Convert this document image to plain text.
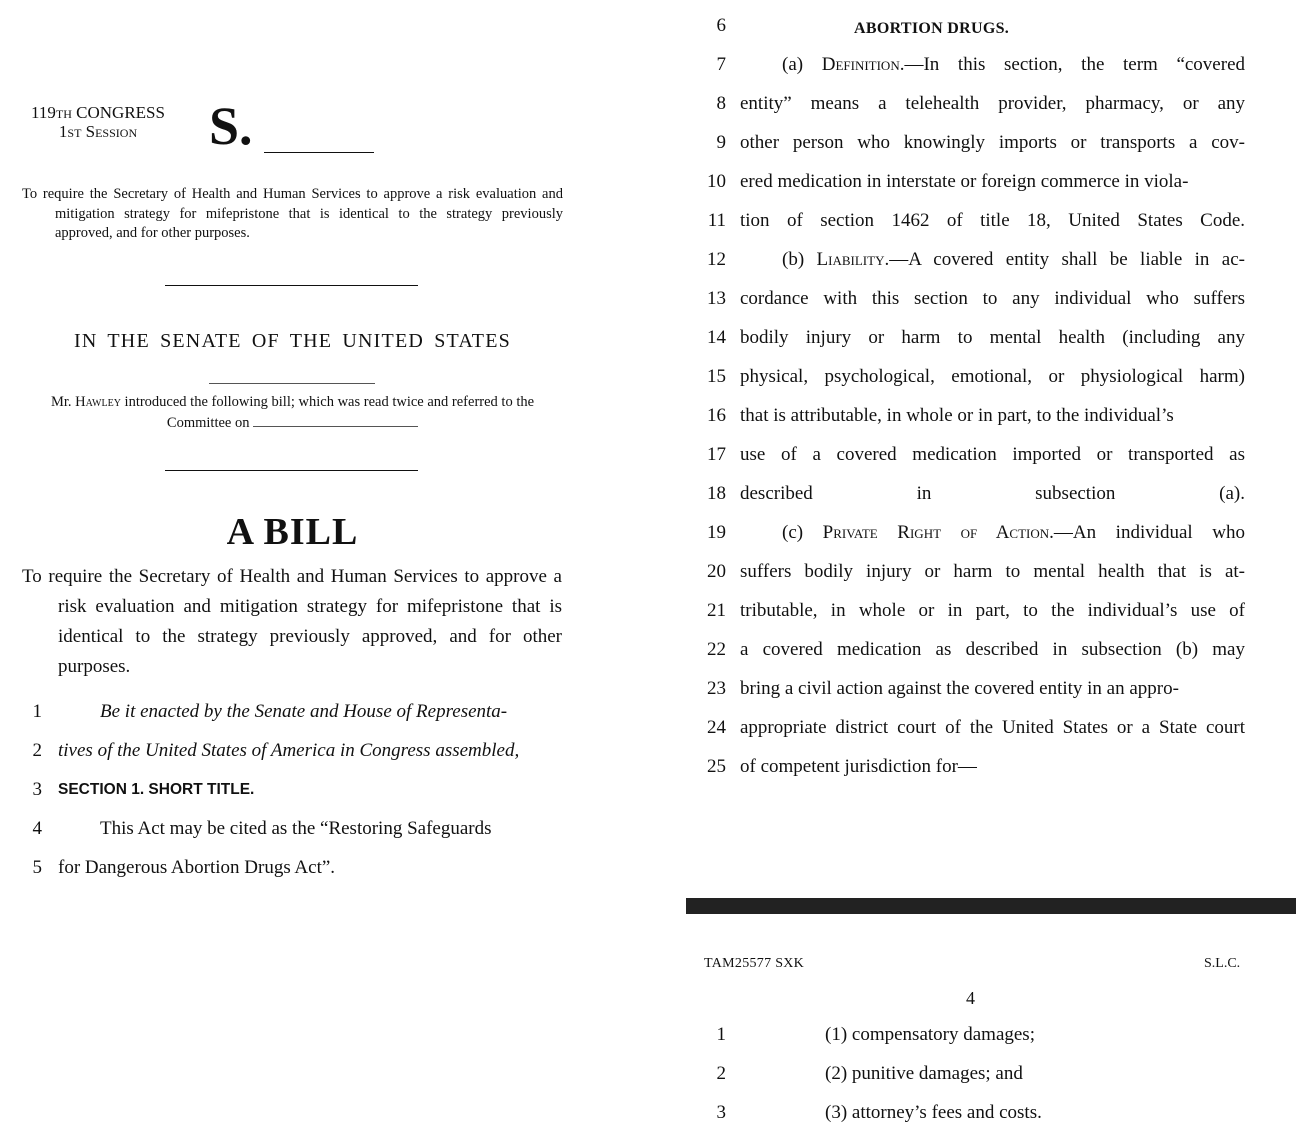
119th CONGRESS
1st Session	S.
To require the Secretary of Health and Human Services to approve a risk evaluation and mitigation strategy for mifepristone that is identical to the strategy previously approved, and for other purposes.
IN THE SENATE OF THE UNITED STATES
Mr. Hawley introduced the following bill; which was read twice and referred to the Committee on
A BILL
To require the Secretary of Health and Human Services to approve a risk evaluation and mitigation strategy for mifepristone that is identical to the strategy previously approved, and for other purposes.
1	Be it enacted by the Senate and House of Representa-
2 tives of the United States of America in Congress assembled,
3 SECTION 1. SHORT TITLE.
4	This Act may be cited as the “Restoring Safeguards
5 for Dangerous Abortion Drugs Act”.
6	ABORTION DRUGS.
7	(a) Definition.—In this section, the term “covered
8 entity” means a telehealth provider, pharmacy, or any
9 other person who knowingly imports or transports a cov-
10 ered medication in interstate or foreign commerce in viola-
11 tion of section 1462 of title 18, United States Code.
12	(b) Liability.—A covered entity shall be liable in ac-
13 cordance with this section to any individual who suffers
14 bodily injury or harm to mental health (including any
15 physical, psychological, emotional, or physiological harm)
16 that is attributable, in whole or in part, to the individual’s
17 use of a covered medication imported or transported as
18 described in subsection (a).
19	(c) Private Right of Action.—An individual who
20 suffers bodily injury or harm to mental health that is at-
21 tributable, in whole or in part, to the individual’s use of
22 a covered medication as described in subsection (b) may
23 bring a civil action against the covered entity in an appro-
24 appropriate district court of the United States or a State court
25 of competent jurisdiction for—
TAM25577 SXK	S.L.C.
4
1	(1) compensatory damages;
2	(2) punitive damages; and
3	(3) attorney’s fees and costs.
